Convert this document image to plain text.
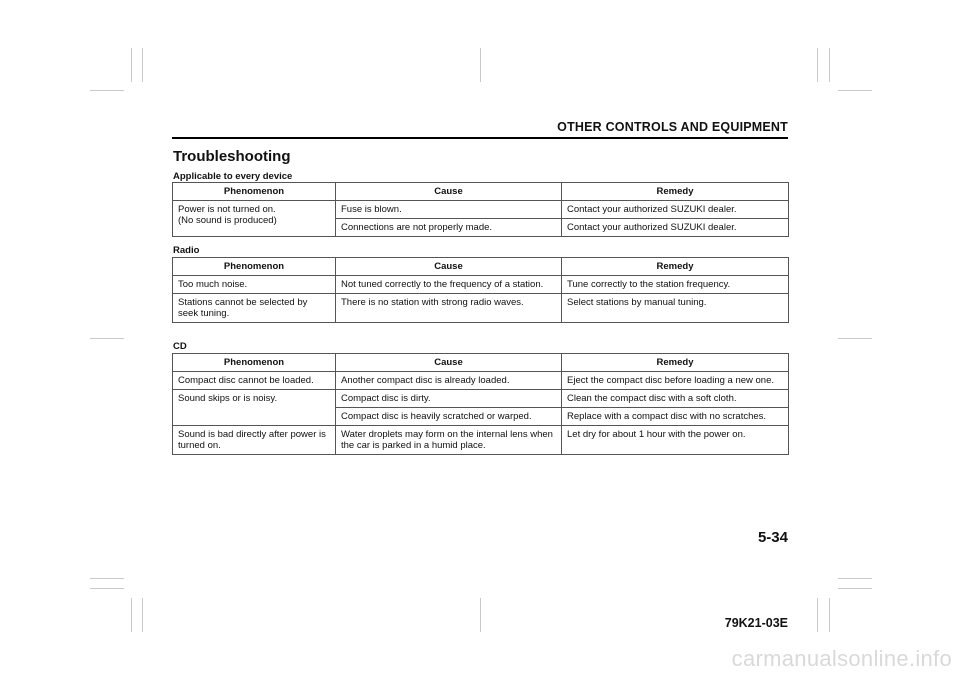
OTHER CONTROLS AND EQUIPMENT
Troubleshooting
Applicable to every device
Phenomenon	Cause	Remedy
Power is not turned on.
(No sound is produced)	Fuse is blown.	Contact your authorized SUZUKI dealer.
	Connections are not properly made.	Contact your authorized SUZUKI dealer.
Radio
Phenomenon	Cause	Remedy
Too much noise.	Not tuned correctly to the frequency of a station.	Tune correctly to the station frequency.
Stations cannot be selected by seek tuning.	There is no station with strong radio waves.	Select stations by manual tuning.
CD
Phenomenon	Cause	Remedy
Compact disc cannot be loaded.	Another compact disc is already loaded.	Eject the compact disc before loading a new one.
Sound skips or is noisy.	Compact disc is dirty.	Clean the compact disc with a soft cloth.
	Compact disc is heavily scratched or warped.	Replace with a compact disc with no scratches.
Sound is bad directly after power is turned on.	Water droplets may form on the internal lens when the car is parked in a humid place.	Let dry for about 1 hour with the power on.
5-34
79K21-03E
carmanualsonline.info
